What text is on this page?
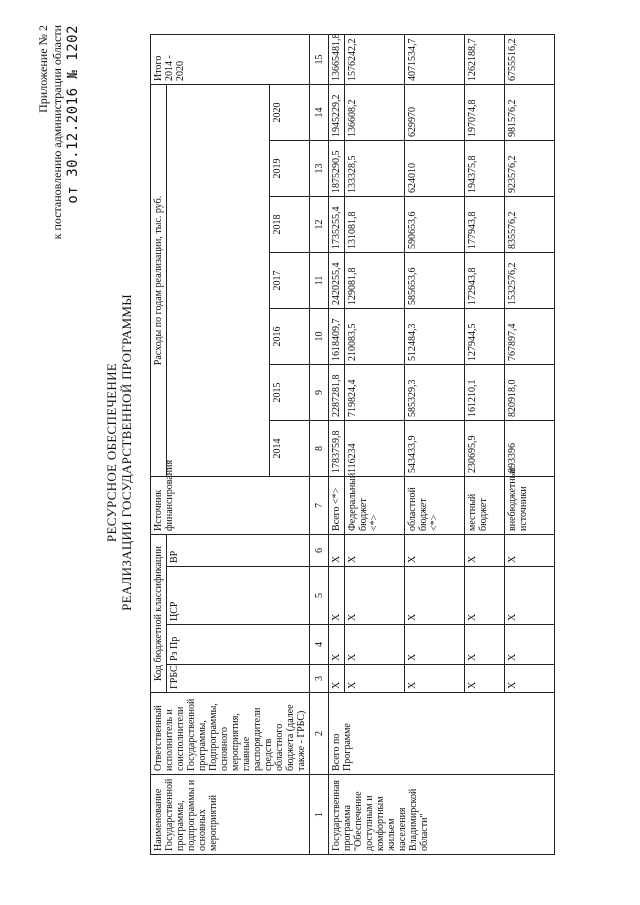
Приложение № 2 к постановлению администрации области от 30.12.2016 № 1202
РЕСУРСНОЕ ОБЕСПЕЧЕНИЕ РЕАЛИЗАЦИИ ГОСУДАРСТВЕННОЙ ПРОГРАММЫ
Наименование Государственной программы, подпрограммы и основных мероприятий	Ответственный исполнитель и соисполнители Государственной программы, Подпрограммы, основного мероприятия, главные распорядители средств областного бюджета (далее также - ГРБС)	Код бюджетной классификации				Источник финансирования	Расходы по годам реализации, тыс. руб.							Итого 2014 - 2020
		ГРБС	Рз Пр	ЦСР	ВР									
							2014	2015	2016	2017	2018	2019	2020	
1	2	3	4	5	6	7	8	9	10	11	12	13	14	15
Государственная программа "Обеспечение доступным и комфортным жильем населения Владимирской области"	Всего по Программе	X	X	X	X	Всего <*>	1783759,8	2287281,8	1618409,7	2420255,4	1735255,4	1875290,5	1945229,2	13665481,8
		X	X	X	X	Федеральный бюджет <*>	116234	719824,4	210083,5	129081,8	131081,8	133328,5	136608,2	1576242,2
		X	X	X	X	областной бюджет <*>	543433,9	585329,3	512484,3	585653,6	590653,6	624010	629970	4071534,7
		X	X	X	X	местный бюджет	230695,9	161210,1	127944,5	172943,8	177943,8	194375,8	197074,8	1262188,7
		X	X	X	X	внебюджетные источники	893396	820918,0	767897,4	1532576,2	835576,2	923576,2	981576,2	6755516,2
